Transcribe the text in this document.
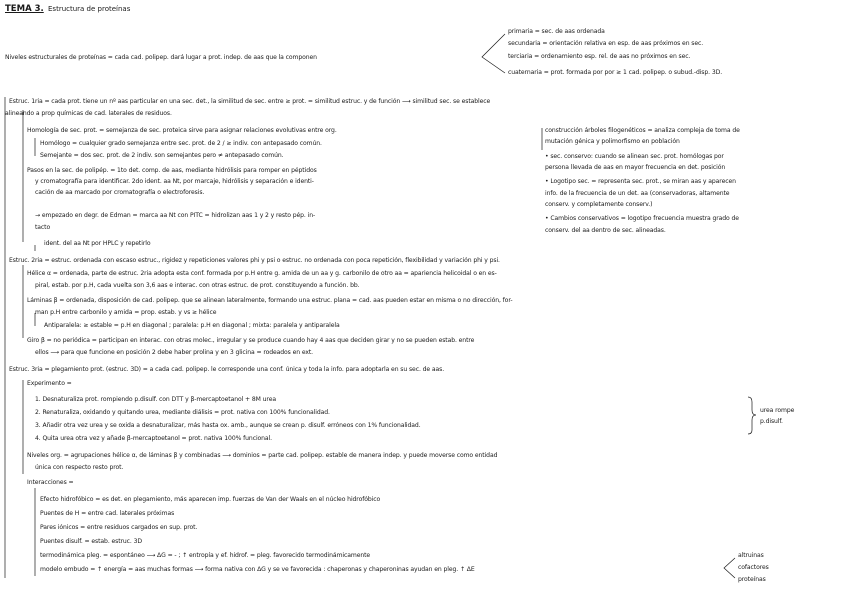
TEMA 3. Estructura de proteínas
Niveles estructurales de proteínas = cada cad. polipep. dará lugar a prot. indep. de aas que la componen
primaria = sec. de aas ordenada
secundaria = orientación relativa en esp. de aas próximos en sec.
terciaria = ordenamiento esp. rel. de aas no próximos en sec.
cuaternaria = prot. formada por por ≥ 1 cad. polipep. o subud.-disp. 3D.
Estruc. 1ria = cada prot. tiene un nº aas particular en una sec. det., la similitud de sec. entre ≥ prot. = similitud estruc. y de función ⟶ similitud sec. se establece
alineando a prop químicas de cad. laterales de residuos.
Homología de sec. prot. = semejanza de sec. proteica sirve para asignar relaciones evolutivas entre org.
Homólogo = cualquier grado semejanza entre sec. prot. de 2 / ≥ indiv. con antepasado común.
Semejante = dos sec. prot. de 2 indiv. son semejantes pero ≠ antepasado común.
Pasos en la sec. de polipép. = 1to det. comp. de aas, mediante hidrólisis para romper en péptidos
y cromatografía para identificar. 2do ident. aa Nt, por marcaje, hidrólisis y separación e identi-
cación de aa marcado por cromatografía o electroforesis.
→ empezado en degr. de Edman = marca aa Nt con PITC = hidrolizan aas 1 y 2 y resto pép. in-
tacto
ident. del aa Nt por HPLC y repetirlo
construcción árboles filogenéticos = analiza compleja de toma de
mutación génica y polimorfismo en población
• sec. conservo: cuando se alinean sec. prot. homólogas por
persona llevada de aas en mayor frecuencia en det. posición
• Logotipo sec. = representa sec. prot., se miran aas y aparecen
info. de la frecuencia de un det. aa (conservadoras, altamente
conserv. y completamente conserv.)
• Cambios conservativos = logotipo frecuencia muestra grado de
conserv. del aa dentro de sec. alineadas.
Estruc. 2ria = estruc. ordenada con escaso estruc., rigidez y repeticiones valores phi y psi o estruc. no ordenada con poca repetición, flexibilidad y variación phi y psi.
Hélice α = ordenada, parte de estruc. 2ria adopta esta conf. formada por p.H entre g. amida de un aa y g. carbonilo de otro aa = apariencia helicoidal o en es-
piral, estab. por p.H, cada vuelta son 3,6 aas e interac. con otras estruc. de prot. constituyendo a función. bb.
Láminas β = ordenada, disposición de cad. polipep. que se alinean lateralmente, formando una estruc. plana = cad. aas pueden estar en misma o no dirección, for-
man p.H entre carbonilo y amida = prop. estab. y vs ≥ hélice
Antiparalela: ≥ estable = p.H en diagonal ; paralela: p.H en diagonal ; mixta: paralela y antiparalela
Giro β = no periódica = participan en interac. con otras molec., irregular y se produce cuando hay 4 aas que deciden girar y no se pueden estab. entre
ellos ⟶ para que funcione en posición 2 debe haber prolina y en 3 glicina = rodeados en ext.
Estruc. 3ria = plegamiento prot. (estruc. 3D) = a cada cad. polipep. le corresponde una conf. única y toda la info. para adoptarla en su sec. de aas.
Experimento =
1. Desnaturaliza prot. rompiendo p.disulf. con DTT y β-mercaptoetanol + 8M urea
2. Renaturaliza, oxidando y quitando urea, mediante diálisis = prot. nativa con 100% funcionalidad.
3. Añadir otra vez urea y se oxida a desnaturalizar, más hasta ox. amb., aunque se crean p. disulf. erróneos con 1% funcionalidad.
4. Quita urea otra vez y añade β-mercaptoetanol = prot. nativa 100% funcional.
urea rompe
p.disulf.
Niveles org. = agrupaciones hélice α, de láminas β y combinadas ⟶ dominios = parte cad. polipep. estable de manera indep. y puede moverse como entidad
única con respecto resto prot.
Interacciones =
Efecto hidrofóbico = es det. en plegamiento, más aparecen imp. fuerzas de Van der Waals en el núcleo hidrofóbico
Puentes de H = entre cad. laterales próximas
Pares iónicos = entre residuos cargados en sup. prot.
Puentes disulf. = estab. estruc. 3D
termodinámica pleg. = espontáneo ⟶ ΔG = - ; ↑ entropía y ef. hidrof. = pleg. favorecido termodinámicamente
modelo embudo = ↑ energía = aas muchas formas ⟶ forma nativa con ΔG y se ve favorecida : chaperonas y chaperoninas ayudan en pleg. ↑ ΔE
altruinas
cofactores
proteínas
